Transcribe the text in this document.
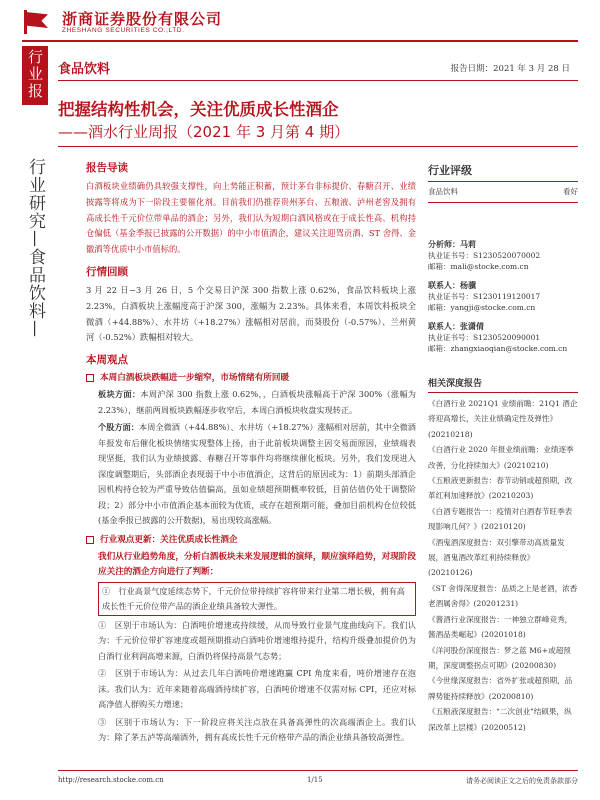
浙商证券股份有限公司
ZHESHANG SECURITIES CO.,LTD.
行业报告
行业研究—食品饮料—
食品饮料	报告日期：2021 年 3 月 28 日
把握结构性机会，关注优质成长性酒企
——酒水行业周报（2021 年 3 月第 4 期）
报告导读
白酒板块业绩确仍具较强支撑性，向上势能正积蓄，预计茅台非标提价、春糖召开、业绩披露等将成为下一阶段主要催化剂。目前我们仍推荐贵州茅台、五粮液、泸州老窖及拥有高成长性千元价位带单品的酒企；另外，我们认为短期白酒风格或在于成长性高、机构持仓偏低（基金季报已披露的公开数据）的中小市值酒企，建议关注迎驾贡酒、ST 舍得、金徽酒等优质中小市值标的。
行情回顾
3 月 22 日~3 月 26 日，5 个交易日沪深 300 指数上涨 0.62%，食品饮料板块上涨 2.23%，白酒板块上涨幅度高于沪深 300，涨幅为 2.23%。具体来看，本周饮料板块全微酒（+44.88%）、水井坊（+18.27%）涨幅相对居前，而葵股份（-0.57%）、兰州黄河（-0.52%）跌幅相对较大。
本周观点
本周白酒板块跌幅进一步缩窄，市场情绪有所回暖
板块方面：本周沪深 300 指数上涨 0.62%，，白酒板块涨幅高于沪深 300%（涨幅为 2.23%），继前两周板块跌幅逐步收窄后，本周白酒板块收盘实现转正。
个股方面：本周全微酒（+44.88%）、水井坊（+18.27%）涨幅相对居前，其中全微酒年报发布后催化板块情绪实现整体上扬，由于此前板块调整主因交易面原因，业绩端表现坚挺，我们认为业绩披露、春糖召开等事件均将继续催化板块。另外，我们发现进入深度调整期后，头部酒企表现弱于中小市值酒企，这背后的原因或为：1）前期头部酒企因机构持仓较为严重导致估值偏高，虽如业绩超预期概率较低，目前估值仍处于调整阶段；2）部分中小市值酒企基本面较为优质，或存在超预期可能，叠加目前机构仓位较低(基金季报已披露的公开数据)，易出现较高涨幅。
行业观点更新：关注优质成长性酒企
我们从行业趋势角度，分析白酒板块未来发展逻辑的演绎，顺应演绎趋势，对现阶段应关注的酒企方向进行了判断：
①　行业高景气度延续态势下，千元价位带持续扩容将带来行业第二增长极，拥有高成长性千元价位带产品的酒企业绩具备较大弹性。
①　区别于市场认为：白酒吨价增速或持续缓，从而导致行业景气度曲线向下。我们认为：千元价位带扩容速度或超预期推动白酒吨价增速维持提升，结构升级叠加提价仍为白酒行业利润高增来源，白酒仍将保持高景气态势；
②　区别于市场认为：从过去几年白酒吨价增速跑赢 CPI 角度来看，吨价增速存在泡沫。我们认为：近年来随着高端酒持续扩容，白酒吨价增速不仅需对标 CPI，还应对标高净值人群购买力增速；
③　区别于市场认为：下一阶段应将关注点放在具备高弹性的次高端酒企上。我们认为：除了茅五泸等高端酒外，拥有高成长性千元价格带产品的酒企业绩具备较高弹性。
行业评级
食品饮料	看好
分析师：马莉
执业证书号：S1230520070002
邮箱：mali@stocke.com.cn
联系人：杨骥
执业证书号：S1230119120017
邮箱：yangji@stocke.com.cn
联系人：张潇倩
执业证书号：S1230520090001
邮箱：zhangxiaoqian@stocke.com.cn
相关深度报告
《白酒行业 2021Q1 业绩前瞻：21Q1 酒企将迎高增长，关注业绩确定性及弹性》(20210218)
《白酒行业 2020 年报业绩前瞻：业绩逐季改善，分化持续加大》(20210210)
《五粮液更新报告：春节动销或超预期，改革红利加速释放》(20210203)
《白酒专题报告一：疫情对白酒春节旺季表现影响几何？》(20210120)
《酒鬼酒深度报告：双引擎带动高质量发展，酒鬼酒改革红利持续释放》(20210126)
《ST 舍得深度报告：品质之上是老酒，浓香老酒属舍得》(20201231)
《酱酒行业深度报告：一神独立群峰竞秀，酱酒品类崛起》(20201018)
《洋河股份深度报告：梦之蓝 M6+或超预期，深度调整拐点可期》(20200830)
《今世缘深度报告：省外扩张或超预期，品牌势能持续释放》(20200810)
《五粮液深度报告："二次创业"结硕果，纵深改革上层楼》(20200512)
http://research.stocke.com.cn	1/15	请务必阅读正文之后的免责条款部分
